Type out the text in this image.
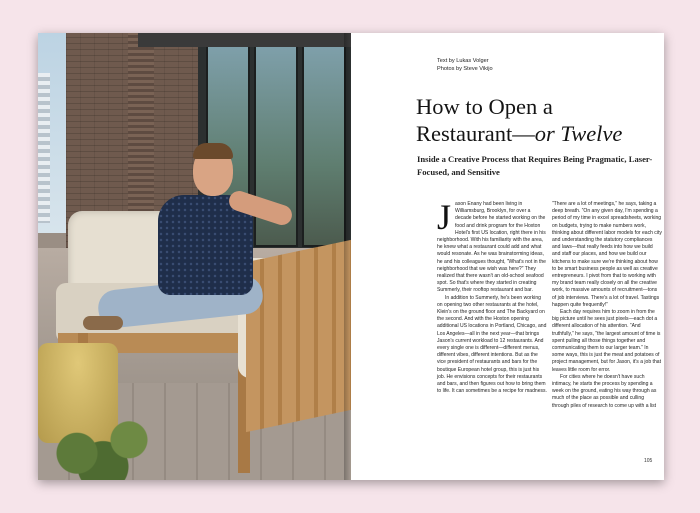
Text by Lukas Volger
Photos by Steve Vikijo
How to Open a
Restaurant—or Twelve
Inside a Creative Process that Requires Being Pragmatic, Laser-Focused, and Sensitive

Jason Enany had been living in Williamsburg, Brooklyn, for over a decade before he started working on the food and drink program for the Hoxton Hotel's first US location, right there in his neighborhood. With his familiarity with the area, he knew what a restaurant could add and what would resonate. As he was brainstorming ideas, he and his colleagues thought, “What's not in the neighborhood that we wish was here?” They realized that there wasn't an old-school seafood spot. So that's where they started in creating Summerly, their rooftop restaurant and bar.

In addition to Summerly, he's been working on opening two other restaurants at the hotel, Klein's on the ground floor and The Backyard on the second. And with the Hoxton opening additional US locations in Portland, Chicago, and Los Angeles—all in the next year—that brings Jason's current workload to 12 restaurants. And every single one is different—different menus, different vibes, different intentions. But as the vice president of restaurants and bars for the boutique European hotel group, this is just his job. He envisions concepts for their restaurants and bars, and then figures out how to bring them to life. It can sometimes be a recipe for madness.

“There are a lot of meetings,” he says, taking a deep breath. “On any given day, I'm spending a period of my time in excel spreadsheets, working on budgets, trying to make numbers work, thinking about different labor models for each city and understanding the statutory compliances and laws—that really feeds into how we build and staff our places, and how we build our kitchens to make sure we're thinking about how to be smart business people as well as creative entrepreneurs. I pivot from that to working with my brand team really closely on all the creative work, to massive amounts of recruitment—tons of job interviews. There's a lot of travel. Tastings happen quite frequently!”

Each day requires him to zoom in from the big picture until he sees just pixels—each dot a different allocation of his attention. “And truthfully,” he says, “the largest amount of time is spent pulling all those things together and communicating them to our larger team.” In some ways, this is just the meat and potatoes of project management, but for Jason, it's a job that leaves little room for error.

For cities where he doesn't have such intimacy, he starts the process by spending a week on the ground, eating his way through as much of the place as possible and culling through piles of research to come up with a list

105
